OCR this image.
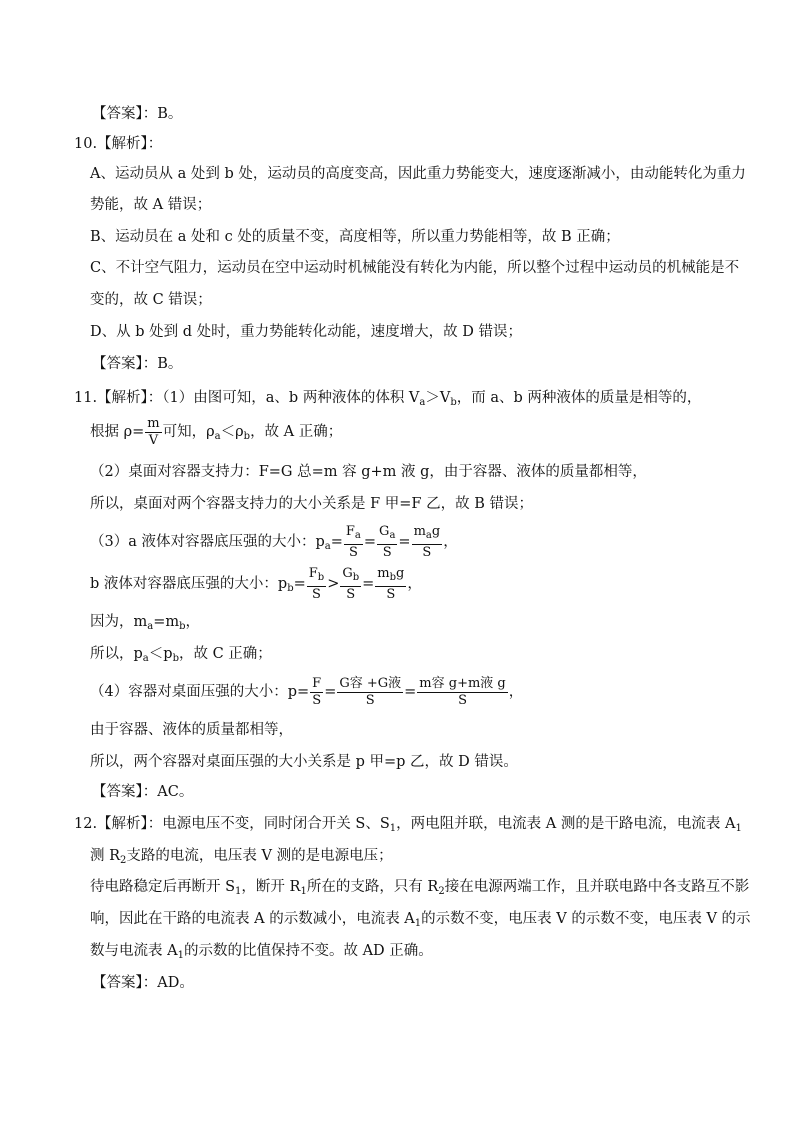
【答案】：B。
10.【解析】：
A、运动员从 a 处到 b 处，运动员的高度变高，因此重力势能变大，速度逐渐减小，由动能转化为重力
势能，故 A 错误；
B、运动员在 a 处和 c 处的质量不变，高度相等，所以重力势能相等，故 B 正确；
C、不计空气阻力，运动员在空中运动时机械能没有转化为内能，所以整个过程中运动员的机械能是不
变的，故 C 错误；
D、从 b 处到 d 处时，重力势能转化动能，速度增大，故 D 错误；
【答案】：B。
11.【解析】：（1）由图可知，a、b 两种液体的体积 $V_a>V_b$，而 a、b 两种液体的质量是相等的，
根据 $\rho= \frac{m}{V}$ 可知，$\rho_a<\rho_b$，故 A 正确；
（2）桌面对容器支持力：F=G 总=m 容 g+m 液 g，由于容器、液体的质量都相等，
所以，桌面对两个容器支持力的大小关系是 F 甲=F 乙，故 B 错误；
（3）a 液体对容器底压强的大小：$p_a= \frac{F_a}{S} = \frac{G_a}{S} = \frac{m_ag}{S}$ ，
b 液体对容器底压强的大小：$p_b= \frac{F_b}{S} > \frac{G_b}{S} = \frac{m_bg}{S}$ ，
因为，$m_a=m_b$，
所以，$p_a<p_b$，故 C 正确；
（4）容器对桌面压强的大小：$p= \frac{F}{S} = \frac{\text{G容 +G液}}{S} = \frac{\text{m容 g+m液 g}}{S}$ ，
由于容器、液体的质量都相等，
所以，两个容器对桌面压强的大小关系是 p 甲=p 乙，故 D 错误。
【答案】：AC。
12.【解析】：电源电压不变，同时闭合开关 S、$S_1$，两电阻并联，电流表 A 测的是干路电流，电流表 $A_1$
测 $R_2$支路的电流，电压表 V 测的是电源电压；
待电路稳定后再断开 $S_1$，断开 $R_1$所在的支路，只有 $R_2$接在电源两端工作，且并联电路中各支路互不影
响，因此在干路的电流表 A 的示数减小，电流表 $A_1$的示数不变，电压表 V 的示数不变，电压表 V 的示
数与电流表 $A_1$的示数的比值保持不变。故 AD 正确。
【答案】：AD。
